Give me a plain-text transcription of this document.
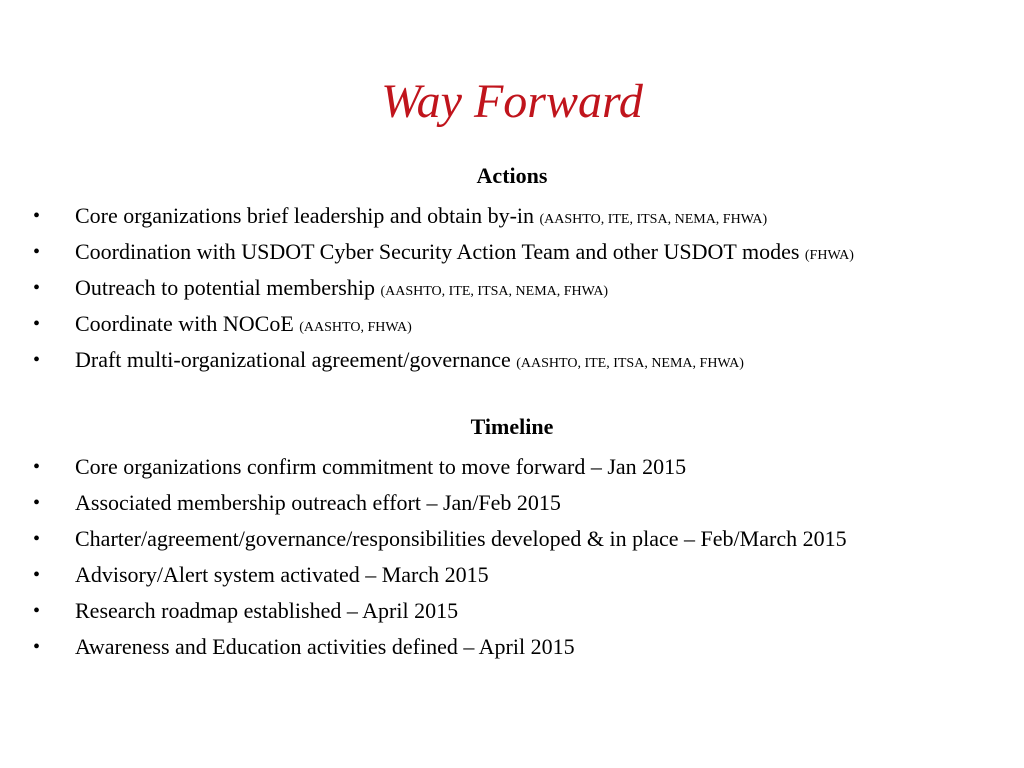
Way Forward
Actions
• Core organizations brief leadership and obtain by-in (AASHTO, ITE, ITSA, NEMA, FHWA)
• Coordination with USDOT Cyber Security Action Team and other USDOT modes (FHWA)
• Outreach to potential membership (AASHTO, ITE, ITSA, NEMA, FHWA)
• Coordinate with NOCoE (AASHTO, FHWA)
• Draft multi-organizational agreement/governance (AASHTO, ITE, ITSA, NEMA, FHWA)
Timeline
• Core organizations confirm commitment to move forward – Jan 2015
• Associated membership outreach effort – Jan/Feb 2015
• Charter/agreement/governance/responsibilities developed & in place – Feb/March 2015
• Advisory/Alert system activated – March 2015
• Research roadmap established – April 2015
• Awareness and Education activities defined – April 2015
